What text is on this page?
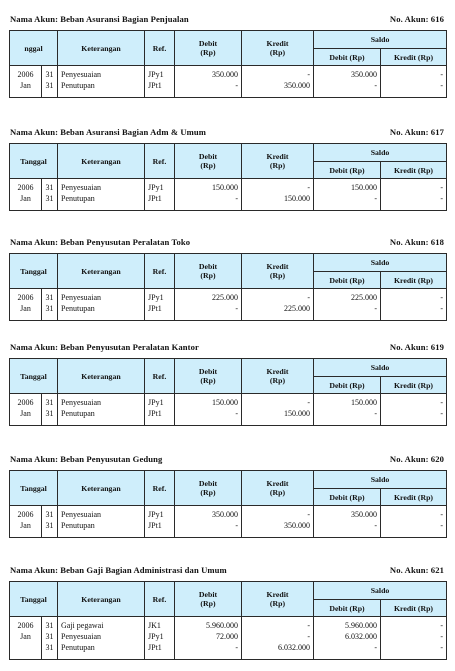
Nama Akun: Beban Asuransi Bagian Penjualan	No. Akun: 616
nggal		Keterangan	Ref.	Debit
(Rp)	Kredit
(Rp)	Saldo	
						Debit (Rp)	Kredit (Rp)
2006	31	Penyesuaian	JPy1	350.000	-	350.000	-
Jan	31	Penutupan	JPt1	-	350.000	-	-
Nama Akun: Beban Asuransi Bagian Adm & Umum	No. Akun: 617
Tanggal		Keterangan	Ref.	Debit
(Rp)	Kredit
(Rp)	Saldo	
						Debit (Rp)	Kredit (Rp)
2006	31	Penyesuaian	JPy1	150.000	-	150.000	-
Jan	31	Penutupan	JPt1	-	150.000	-	-
Nama Akun: Beban Penyusutan Peralatan Toko	No. Akun: 618
Tanggal		Keterangan	Ref.	Debit
(Rp)	Kredit
(Rp)	Saldo	
						Debit (Rp)	Kredit (Rp)
2006	31	Penyesuaian	JPy1	225.000	-	225.000	-
Jan	31	Penutupan	JPt1	-	225.000	-	-
Nama Akun: Beban Penyusutan Peralatan Kantor	No. Akun: 619
Tanggal		Keterangan	Ref.	Debit
(Rp)	Kredit
(Rp)	Saldo	
						Debit (Rp)	Kredit (Rp)
2006	31	Penyesuaian	JPy1	150.000	-	150.000	-
Jan	31	Penutupan	JPt1	-	150.000	-	-
Nama Akun: Beban Penyusutan Gedung	No. Akun: 620
Tanggal		Keterangan	Ref.	Debit
(Rp)	Kredit
(Rp)	Saldo	
						Debit (Rp)	Kredit (Rp)
2006	31	Penyesuaian	JPy1	350.000	-	350.000	-
Jan	31	Penutupan	JPt1	-	350.000	-	-
Nama Akun: Beban Gaji Bagian Administrasi dan Umum	No. Akun: 621
Tanggal		Keterangan	Ref.	Debit
(Rp)	Kredit
(Rp)	Saldo	
						Debit (Rp)	Kredit (Rp)
2006	31	Gaji pegawai	JK1	5.960.000	-	5.960.000	-
Jan	31	Penyesuaian	JPy1	72.000	-	6.032.000	-
	31	Penutupan	JPt1	-	6.032.000	-	-
